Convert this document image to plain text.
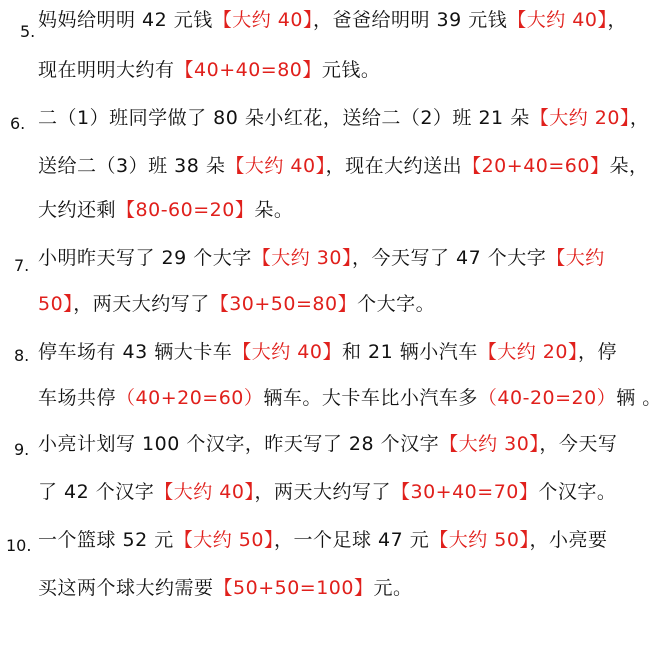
5.
妈妈给明明 42 元钱【大约 40】，爸爸给明明 39 元钱【大约 40】，
现在明明大约有【40+40=80】元钱。
6. 二（1）班同学做了 80 朵小红花，送给二（2）班 21 朵【大约 20】，
送给二（3）班 38 朵【大约 40】，现在大约送出【20+40=60】朵，
大约还剩【80-60=20】朵。
7. 小明昨天写了 29 个大字【大约 30】，今天写了 47 个大字【大约
50】，两天大约写了【30+50=80】个大字。
8. 停车场有 43 辆大卡车【大约 40】和 21 辆小汽车【大约 20】，停
车场共停（40+20=60）辆车。大卡车比小汽车多（40-20=20）辆 。
9. 小亮计划写 100 个汉字，昨天写了 28 个汉字【大约 30】，今天写
了 42 个汉字【大约 40】，两天大约写了【30+40=70】个汉字。
10. 一个篮球 52 元【大约 50】，一个足球 47 元【大约 50】，小亮要
买这两个球大约需要【50+50=100】元。
